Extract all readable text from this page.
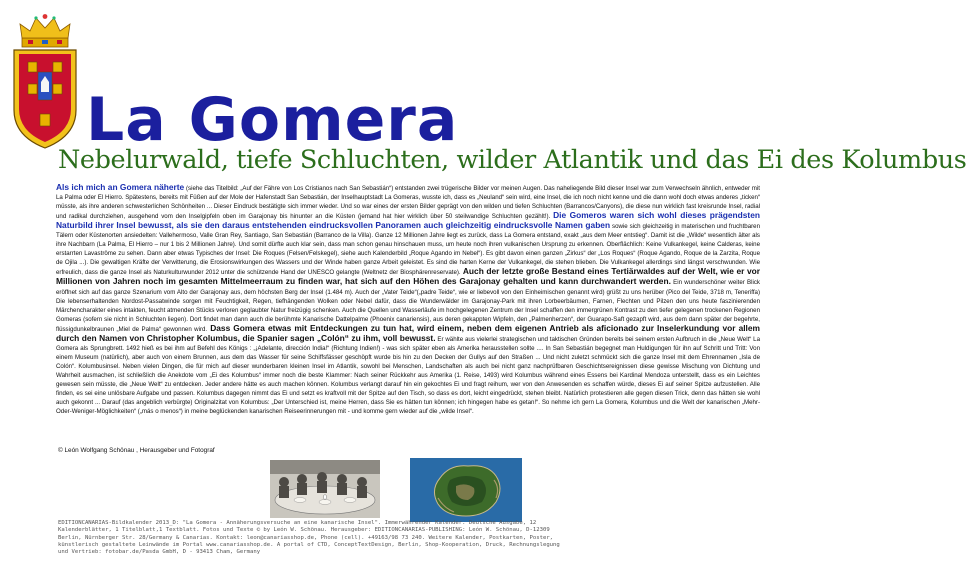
La Gomera
Nebelurwald, tiefe Schluchten, wilder Atlantik und das Ei des Kolumbus

Als ich mich an Gomera näherte (siehe das Titelbild: „Auf der Fähre von Los Cristianos nach San Sebastián“) entstanden zwei trügerische Bilder vor meinen Augen. Das naheliegende Bild dieser Insel war zum Verwechseln ähnlich, entweder mit La Palma oder El Hierro. Spätestens, bereits mit Füßen auf der Mole der Hafenstadt San Sebastián, der Inselhauptstadt La Gomeras, wusste ich, dass es „Neuland“ sein wird, eine Insel, die ich noch nicht kenne und die dann wohl doch etwas anderes „ticken“ müsste, als ihre anderen schwesterlichen Schönheiten ... Dieser Eindruck bestätigte sich immer wieder. Und so war eines der ersten Bilder geprägt von den wilden und tiefen Schluchten (Barrancos/Canyons), die diese nun wirklich fast kreisrunde Insel, radial und radikal durchziehen, ausgehend vom den Inselgipfeln oben im Garajonay bis hinunter an die Küsten (jemand hat hier wirklich über 50 steilwandige Schluchten gezählt!). Die Gomeros waren sich wohl dieses prägendsten Naturbild ihrer Insel bewusst, als sie den daraus entstehenden eindrucksvollen Panoramen auch gleichzeitig eindrucksvolle Namen gaben sowie sich gleichzeitig in materischen und fruchtbaren Tälern oder Küstenorten ansiedelten: Vallehermoso, Valle Gran Rey, Santiago, San Sebastián (Barranco de la Villa). Ganze 12 Millionen Jahre liegt es zurück, dass La Gomera entstand, exakt „aus dem Meer entstieg“. Damit ist die „Wilde“ wesentlich älter als ihre Nachbarn (La Palma, El Hierro – nur 1 bis 2 Millionen Jahre). Und somit dürfte auch klar sein, dass man schon genau hinschauen muss, um heute noch ihren vulkanischen Ursprung zu erkennen. Oberflächlich: Keine Vulkankegel, keine Calderas, keine erstarrten Lavaströme zu sehen. Dann aber etwas Typisches der Insel: Die Roques (Felsen/Felskegel), siehe auch Kalenderbild „Roque Agando im Nebel“). Es gibt davon einen ganzen „Zirkus“ der „Los Roques“ (Roque Agando, Roque de la Zarzita, Roque de Ojila ...). Die gewaltigen Kräfte der Verwitterung, die Erosionswirkungen des Wassers und der Winde haben ganze Arbeit geleistet. Es sind die harten Kerne der Vulkankegel, die stehen blieben. Die Vulkankegel allerdings sind längst verschwunden. Wie erfreulich, dass die ganze Insel als Naturkulturwunder 2012 unter die schützende Hand der UNESCO gelangte (Weltnetz der Biosphärenreservate). Auch der letzte große Bestand eines Tertiärwaldes auf der Welt, wie er vor Millionen von Jahren noch im gesamten Mittelmeerraum zu finden war, hat sich auf den Höhen des Garajonay gehalten und kann durchwandert werden. Ein wunderschöner weiter Blick eröffnet sich auf das ganze Szenarium vom Alto der Garajonay aus, dem höchsten Berg der Insel (1.484 m). Auch der „Vater Teide“(„padre Teide“, wie er liebevoll von den Einheimischen genannt wird) grüßt zu uns herüber (Pico del Teide, 3718 m, Teneriffa) Die lebenserhaltenden Nordost-Passatwinde sorgen mit Feuchtigkeit, Regen, tiefhängenden Wolken oder Nebel dafür, dass die Wunderwälder im Garajonay-Park mit ihren Lorbeerbäumen, Farnen, Flechten und Pilzen den uns heute faszinierenden Märchencharakter eines intakten, feucht atmenden Stücks verloren geglaubter Natur freizügig schenken. Auch die Quellen und Wasserläufe im hochgelegenen Zentrum der Insel schaffen den immergrünen Kontrast zu den tiefer gelegenen trockenen Regionen Gomeras (sofern sie nicht in Schluchten liegen). Dort findet man dann auch die berühmte Kanarische Dattelpalme (Phoenix canariensis), aus deren gekappten Wipfeln, den „Palmenherzen“, der Guarapo-Saft gezapft wird, aus dem dann später der begehrte, flüssigdunkelbraunen „Miel de Palma“ gewonnen wird. Dass Gomera etwas mit Entdeckungen zu tun hat, wird einem, neben dem eigenen Antrieb als aficionado zur Inselerkundung vor allem durch den Namen von Christopher Kolumbus, die Spanier sagen „Colón“ zu ihm, voll bewusst. Er wählte aus vielerlei strategischen und taktischen Gründen bereits bei seinem ersten Aufbruch in die „Neue Welt“ La Gomera als Sprungbrett. 1492 hieß es bei ihm auf Befehl des Königs : „¡Adelante, dirección India!“ (Richtung Indien!) - was sich später eben als Amerika herausstellen sollte .... In San Sebastián begegnet man Huldigungen für ihn auf Schritt und Tritt: Von einem Museum (natürlich), aber auch von einem Brunnen, aus dem das Wasser für seine Schiffsfässer geschöpft wurde bis hin zu den Decken der Gullys auf den Straßen ... Und nicht zuletzt schmückt sich die ganze Insel mit dem Ehrennamen „Isla de Colón“. Kolumbusinsel. Neben vielen Dingen, die für mich auf dieser wunderbaren kleinen Insel im Atlantik, sowohl bei Menschen, Landschaften als auch bei nicht ganz nachprüfbaren Geschichtsereignissen diese gewisse Mischung von Dichtung und Wahrheit ausmachen, ist schließlich die Anekdote vom „Ei des Kolumbus“ immer noch die beste Klammer: Nach seiner Rückkehr aus Amerika (1. Reise, 1493) wird Kolumbus während eines Essens bei Kardinal Mendoza unterstellt, dass es ein Leichtes gewesen sein müsste, die „Neue Welt“ zu entdecken. Jeder andere hätte es auch machen können. Kolumbus verlangt darauf hin ein gekochtes Ei und fragt reihum, wer von den Anwesenden es schaffen würde, dieses Ei auf seiner Spitze aufzustellen. Alle finden, es sei eine unlösbare Aufgabe und passen. Kolumbus dagegen nimmt das Ei und setzt es kraftvoll mit der Spitze auf den Tisch, so dass es dort, leicht eingedrückt, stehen bleibt. Natürlich protestieren alle gegen diesen Trick, denn das hätten sie wohl auch gekonnt ... Darauf (das angeblich verbürgte) Originalzitat von Kolumbus: „Der Unterschied ist, meine Herren, dass Sie es hätten tun können; ich hingegen habe es getan!“. So nehme ich gern La Gomera, Kolumbus und die Welt der kanarischen „Mehr-Oder-Weniger-Möglichkeiten“ („más o menos“) in meine beglückenden kanarischen Reiseerinnerungen mit - und komme gern wieder auf die „wilde Insel“.

© León Wolfgang Schönau , Herausgeber und Fotograf
EDITIONCANARIAS-Bildkalender 2013_D: "La Gomera - Annäherungsversuche an eine kanarische Insel". Immerwährender Kalender. Deutsche Ausgabe, 12
Kalenderblätter, 1 Titelblatt,1 Textblatt. Fotos und Texte © by León W. Schönau. Herausgeber: EDITIONCANARIAS-PUBLISHING: León W. Schönau, D-12309
Berlin, Nürnberger Str. 28/Germany & Canarias. Kontakt: leon@canariasshop.de, Phone (cell). +49163/98 73 240. Weitere Kalender, Postkarten, Poster,
künstlerisch gestaltete Leinwände im Portal www.canariasshop.de. A portal of CTD, ConceptTextDesign, Berlin, Shop-Kooperation, Druck, Rechnungslegung
und Vertrieb: fotobar.de/Pasda GmbH, D - 93413 Cham, Germany
